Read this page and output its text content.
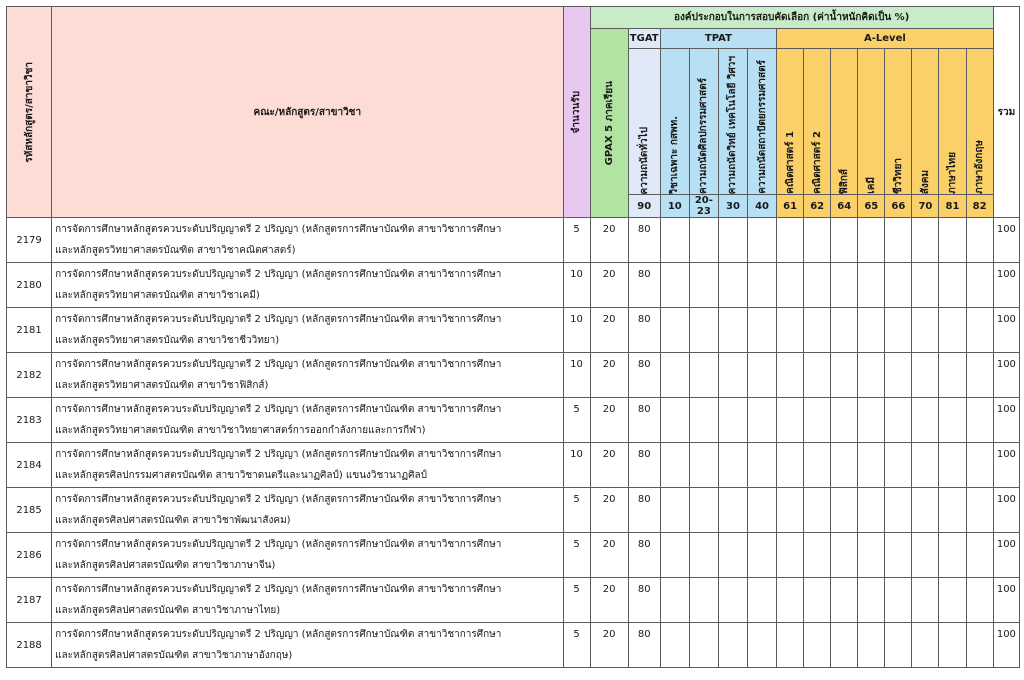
รหัสหลักสูตร/สาขาวิชา	คณะ/หลักสูตร/สาขาวิชา	จำนวนรับ	องค์ประกอบในการสอบคัดเลือก (ค่าน้ำหนักคิดเป็น %)														รวม

			GPAX 5 ภาคเรียน	TGAT	TPAT				A-Level								

				ความถนัดทั่วไป	วิชาเฉพาะ กสพท.	ความถนัดศิลปกรรมศาสตร์	ความถนัดวิทย์ เทคโนโลยี วิศวฯ	ความถนัดสถาปัตยกรรมศาสตร์	คณิตศาสตร์ 1	คณิตศาสตร์ 2	ฟิสิกส์	เคมี	ชีววิทยา	สังคม	ภาษาไทย	ภาษาอังกฤษ	

				90	10	20-23	30	40	61	62	64	65	66	70	81	82	
2179	การจัดการศึกษาหลักสูตรควบระดับปริญญาตรี 2 ปริญญา (หลักสูตรการศึกษาบัณฑิต สาขาวิชาการศึกษา
และหลักสูตรวิทยาศาสตรบัณฑิต สาขาวิชาคณิตศาสตร์)	5	20	80													100
2180	การจัดการศึกษาหลักสูตรควบระดับปริญญาตรี 2 ปริญญา (หลักสูตรการศึกษาบัณฑิต สาขาวิชาการศึกษา
และหลักสูตรวิทยาศาสตรบัณฑิต สาขาวิชาเคมี)	10	20	80													100
2181	การจัดการศึกษาหลักสูตรควบระดับปริญญาตรี 2 ปริญญา (หลักสูตรการศึกษาบัณฑิต สาขาวิชาการศึกษา
และหลักสูตรวิทยาศาสตรบัณฑิต สาขาวิชาชีววิทยา)	10	20	80													100
2182	การจัดการศึกษาหลักสูตรควบระดับปริญญาตรี 2 ปริญญา (หลักสูตรการศึกษาบัณฑิต สาขาวิชาการศึกษา
และหลักสูตรวิทยาศาสตรบัณฑิต สาขาวิชาฟิสิกส์)	10	20	80													100
2183	การจัดการศึกษาหลักสูตรควบระดับปริญญาตรี 2 ปริญญา (หลักสูตรการศึกษาบัณฑิต สาขาวิชาการศึกษา
และหลักสูตรวิทยาศาสตรบัณฑิต สาขาวิชาวิทยาศาสตร์การออกกำลังกายและการกีฬา)	5	20	80													100
2184	การจัดการศึกษาหลักสูตรควบระดับปริญญาตรี 2 ปริญญา (หลักสูตรการศึกษาบัณฑิต สาขาวิชาการศึกษา
และหลักสูตรศิลปกรรมศาสตรบัณฑิต สาขาวิชาดนตรีและนาฏศิลป์) แขนงวิชานาฏศิลป์	10	20	80													100
2185	การจัดการศึกษาหลักสูตรควบระดับปริญญาตรี 2 ปริญญา (หลักสูตรการศึกษาบัณฑิต สาขาวิชาการศึกษา
และหลักสูตรศิลปศาสตรบัณฑิต สาขาวิชาพัฒนาสังคม)	5	20	80													100
2186	การจัดการศึกษาหลักสูตรควบระดับปริญญาตรี 2 ปริญญา (หลักสูตรการศึกษาบัณฑิต สาขาวิชาการศึกษา
และหลักสูตรศิลปศาสตรบัณฑิต สาขาวิชาภาษาจีน)	5	20	80													100
2187	การจัดการศึกษาหลักสูตรควบระดับปริญญาตรี 2 ปริญญา (หลักสูตรการศึกษาบัณฑิต สาขาวิชาการศึกษา
และหลักสูตรศิลปศาสตรบัณฑิต สาขาวิชาภาษาไทย)	5	20	80													100
2188	การจัดการศึกษาหลักสูตรควบระดับปริญญาตรี 2 ปริญญา (หลักสูตรการศึกษาบัณฑิต สาขาวิชาการศึกษา
และหลักสูตรศิลปศาสตรบัณฑิต สาขาวิชาภาษาอังกฤษ)	5	20	80													100
